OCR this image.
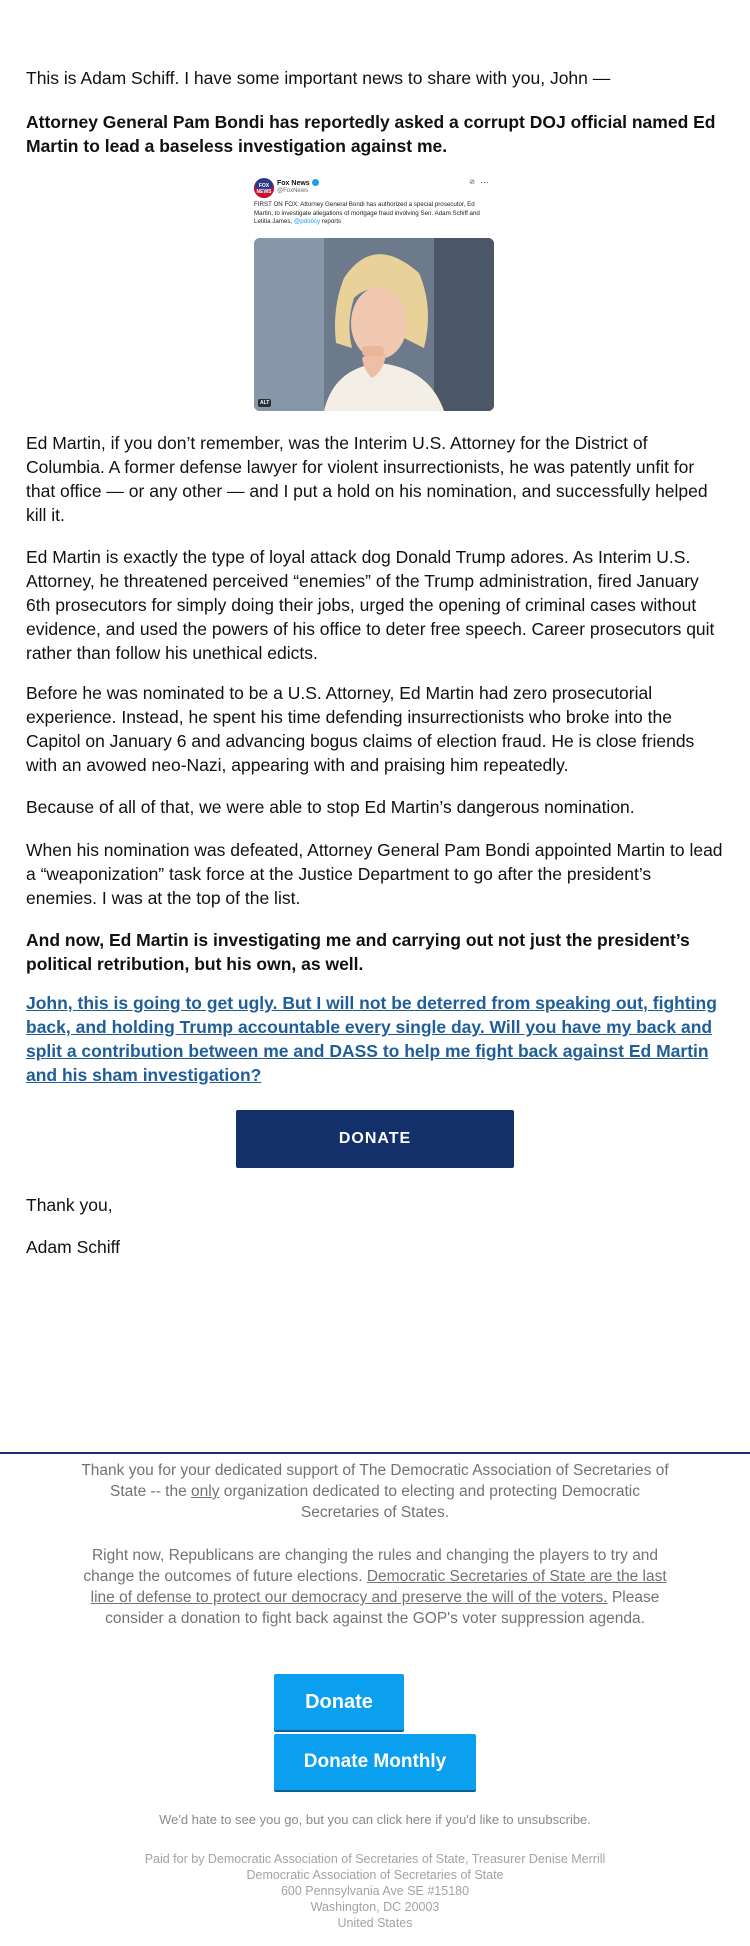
This is Adam Schiff. I have some important news to share with you, John —

Attorney General Pam Bondi has reportedly asked a corrupt DOJ official named Ed Martin to lead a baseless investigation against me.

FOX NEWS
Fox News
@FoxNews
⊘ ⋯
FIRST ON FOX: Attorney General Bondi has authorized a special prosecutor, Ed Martin, to investigate allegations of mortgage fraud involving Sen. Adam Schiff and Letitia James, @pdoocy reports
ALT

Ed Martin, if you don’t remember, was the Interim U.S. Attorney for the District of Columbia. A former defense lawyer for violent insurrectionists, he was patently unfit for that office — or any other — and I put a hold on his nomination, and successfully helped kill it.

Ed Martin is exactly the type of loyal attack dog Donald Trump adores. As Interim U.S. Attorney, he threatened perceived “enemies” of the Trump administration, fired January 6th prosecutors for simply doing their jobs, urged the opening of criminal cases without evidence, and used the powers of his office to deter free speech. Career prosecutors quit rather than follow his unethical edicts.

Before he was nominated to be a U.S. Attorney, Ed Martin had zero prosecutorial experience. Instead, he spent his time defending insurrectionists who broke into the Capitol on January 6 and advancing bogus claims of election fraud. He is close friends with an avowed neo-Nazi, appearing with and praising him repeatedly.

Because of all of that, we were able to stop Ed Martin’s dangerous nomination.

When his nomination was defeated, Attorney General Pam Bondi appointed Martin to lead a “weaponization” task force at the Justice Department to go after the president’s enemies. I was at the top of the list.

And now, Ed Martin is investigating me and carrying out not just the president’s political retribution, but his own, as well.

John, this is going to get ugly. But I will not be deterred from speaking out, fighting back, and holding Trump accountable every single day. Will you have my back and split a contribution between me and DASS to help me fight back against Ed Martin and his sham investigation?

DONATE

Thank you,

Adam Schiff

Thank you for your dedicated support of The Democratic Association of Secretaries of State -- the only organization dedicated to electing and protecting Democratic Secretaries of States.

Right now, Republicans are changing the rules and changing the players to try and change the outcomes of future elections. Democratic Secretaries of State are the last line of defense to protect our democracy and preserve the will of the voters. Please consider a donation to fight back against the GOP's voter suppression agenda.

Donate
Donate Monthly

We'd hate to see you go, but you can click here if you'd like to unsubscribe.

Paid for by Democratic Association of Secretaries of State, Treasurer Denise Merrill

Democratic Association of Secretaries of State

600 Pennsylvania Ave SE #15180

Washington, DC 20003

United States
